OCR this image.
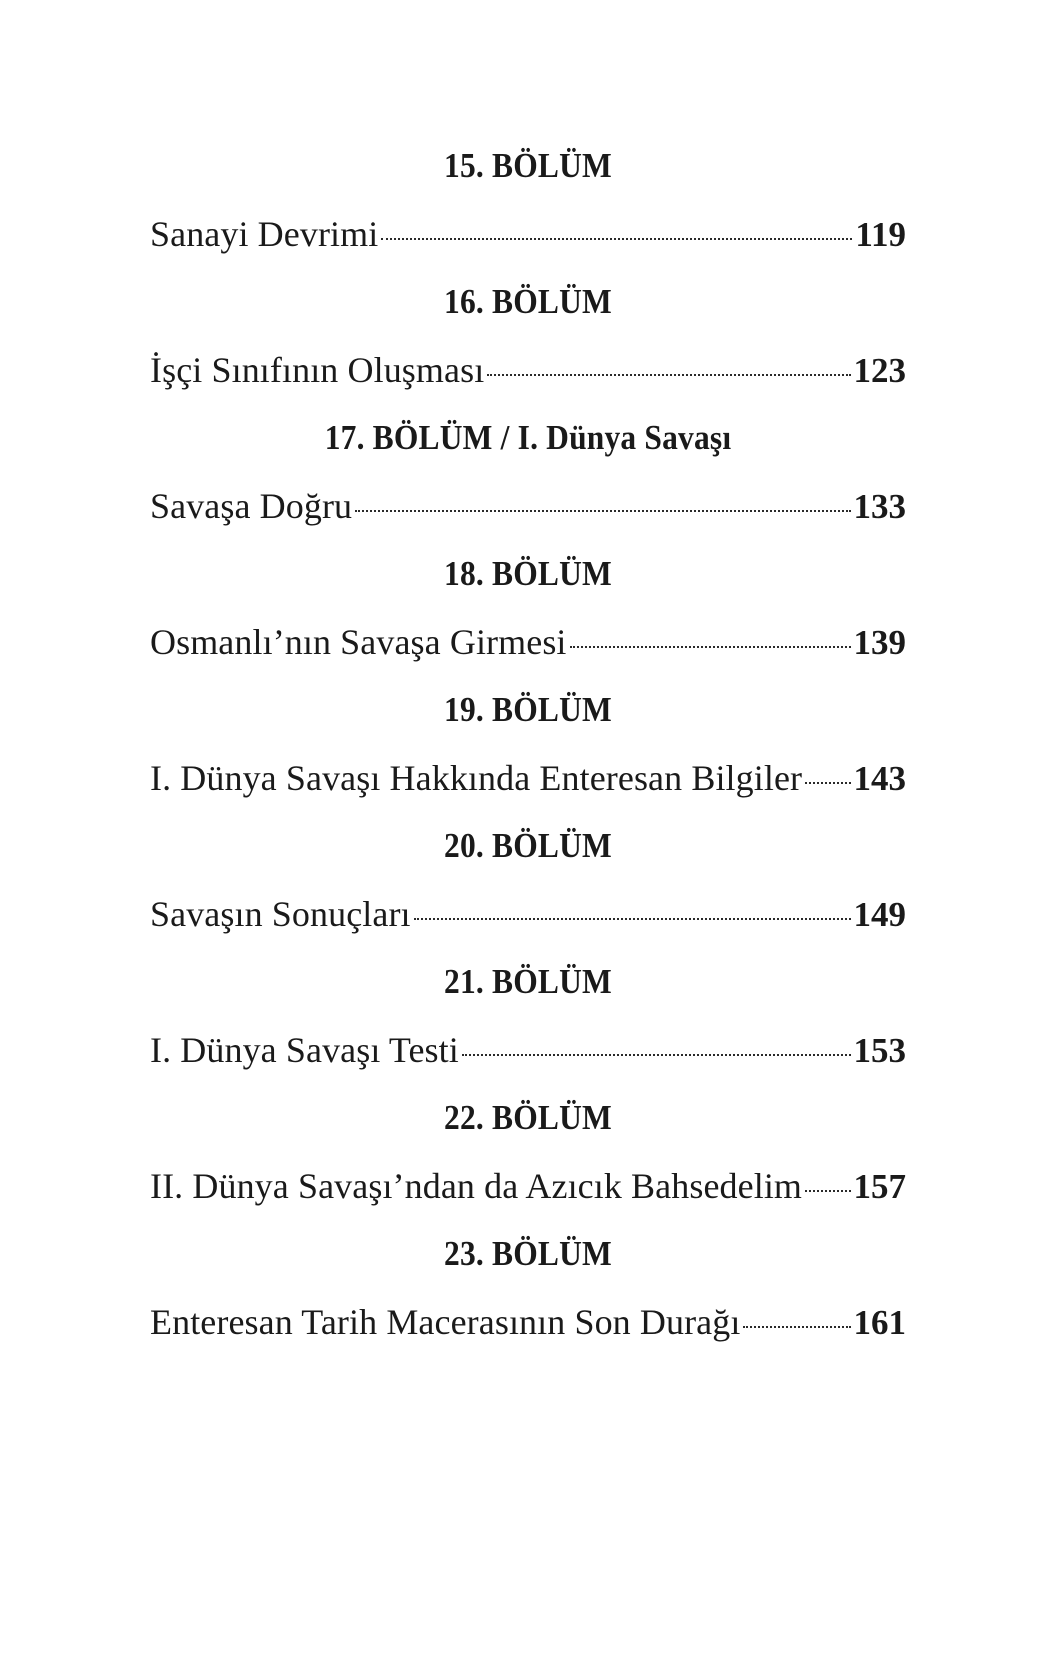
15. BÖLÜM
Sanayi Devrimi	119
16. BÖLÜM
İşçi Sınıfının Oluşması	123
17. BÖLÜM / I. Dünya Savaşı
Savaşa Doğru	133
18. BÖLÜM
Osmanlı’nın Savaşa Girmesi	139
19. BÖLÜM
I. Dünya Savaşı Hakkında Enteresan Bilgiler 143
20. BÖLÜM
Savaşın Sonuçları	149
21. BÖLÜM
I. Dünya Savaşı Testi	153
22. BÖLÜM
II. Dünya Savaşı’ndan da Azıcık Bahsedelim 157
23. BÖLÜM
Enteresan Tarih Macerasının Son Durağı	161
